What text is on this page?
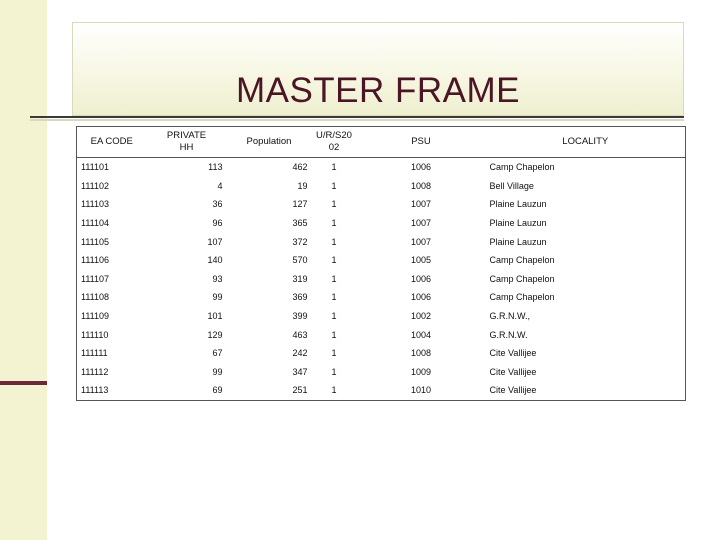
MASTER FRAME
EA CODE	PRIVATE HH	Population	U/R/S20 02	PSU	LOCALITY
111101	113	462	1	1006	Camp Chapelon
111102	4	19	1	1008	Bell Village
111103	36	127	1	1007	Plaine Lauzun
111104	96	365	1	1007	Plaine Lauzun
111105	107	372	1	1007	Plaine Lauzun
111106	140	570	1	1005	Camp Chapelon
111107	93	319	1	1006	Camp Chapelon
111108	99	369	1	1006	Camp Chapelon
111109	101	399	1	1002	G.R.N.W.,
111110	129	463	1	1004	G.R.N.W.
111111	67	242	1	1008	Cite Vallijee
111112	99	347	1	1009	Cite Vallijee
111113	69	251	1	1010	Cite Vallijee
